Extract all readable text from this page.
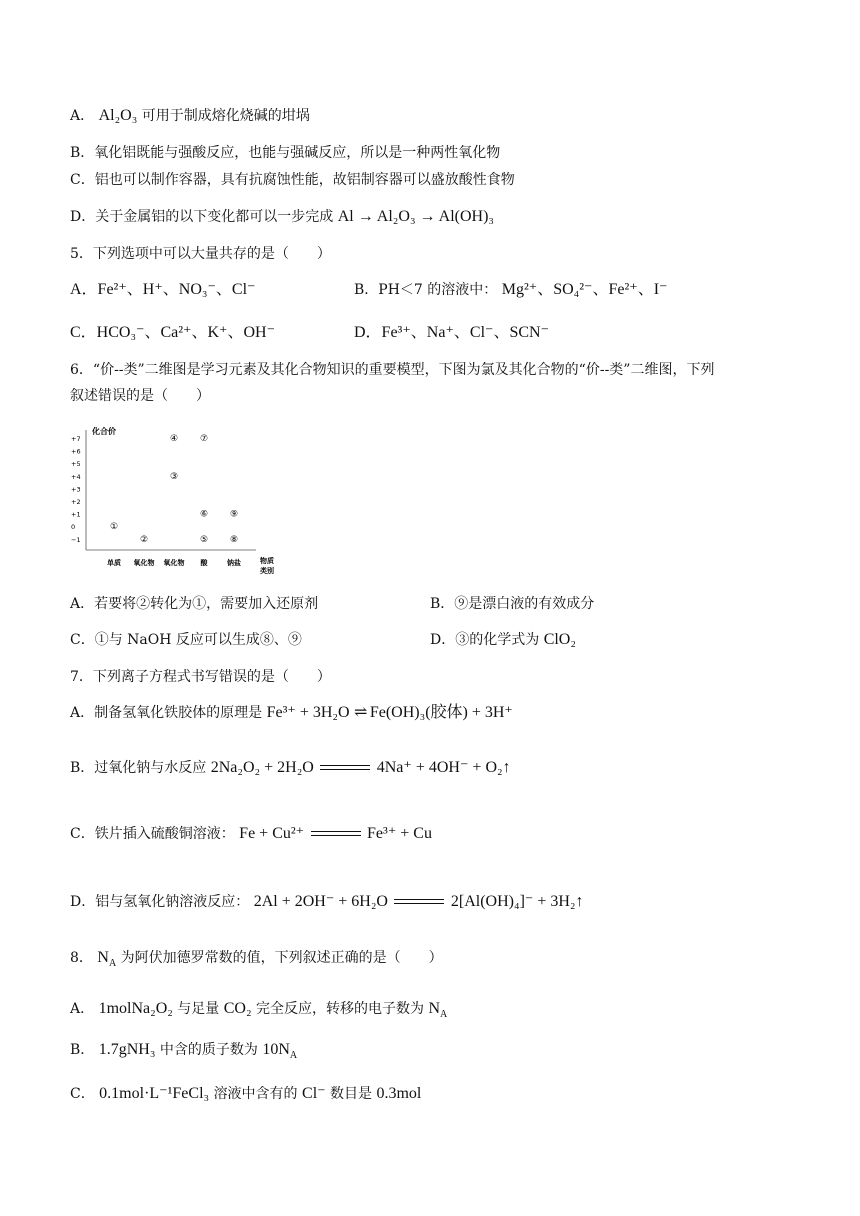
A． Al₂O₃ 可用于制成熔化烧碱的坩埚
B．氧化铝既能与强酸反应，也能与强碱反应，所以是一种两性氧化物
C．铝也可以制作容器，具有抗腐蚀性能，故铝制容器可以盛放酸性食物
D．关于金属铝的以下变化都可以一步完成 Al → Al₂O₃ → Al(OH)₃
5．下列选项中可以大量共存的是（　　）
A．Fe²⁺、H⁺、NO₃⁻、Cl⁻	B．PH＜7 的溶液中： Mg²⁺、SO₄²⁻、Fe²⁺、I⁻
C．HCO₃⁻、Ca²⁺、K⁺、OH⁻	D．Fe³⁺、Na⁺、Cl⁻、SCN⁻
6．“价--类”二维图是学习元素及其化合物知识的重要模型，下图为氯及其化合物的“价--类”二维图，下列
叙述错误的是（　　）
化合价
+7
+6
+5
+4
+3
+2
+1
0
−1
单质 氧化物 氧化物 酸	钠盐	物质
类别
①
②
③
④
⑤
⑥
⑦
⑧
⑨
A．若要将②转化为①，需要加入还原剂	B．⑨是漂白液的有效成分
C．①与 NaOH 反应可以生成⑧、⑨	D．③的化学式为 ClO₂
7．下列离子方程式书写错误的是（　　）
A．制备氢氧化铁胶体的原理是 Fe³⁺ + 3H₂O ⇌ Fe(OH)₃(胶体) + 3H⁺
B．过氧化钠与水反应 2Na₂O₂ + 2H₂O	4Na⁺ + 4OH⁻ + O₂↑
C．铁片插入硫酸铜溶液： Fe + Cu²⁺	Fe³⁺ + Cu
D．铝与氢氧化钠溶液反应： 2Al + 2OH⁻ + 6H₂O	2[Al(OH)₄]⁻ + 3H₂↑
8． $N_A$ 为阿伏加德罗常数的值，下列叙述正确的是（　　）
A． 1molNa₂O₂ 与足量 CO₂ 完全反应，转移的电子数为 $N_A$
B． 1.7gNH₃ 中含的质子数为 $10N_A$
C． 0.1mol·L⁻¹FeCl₃ 溶液中含有的 Cl⁻ 数目是 0.3mol
